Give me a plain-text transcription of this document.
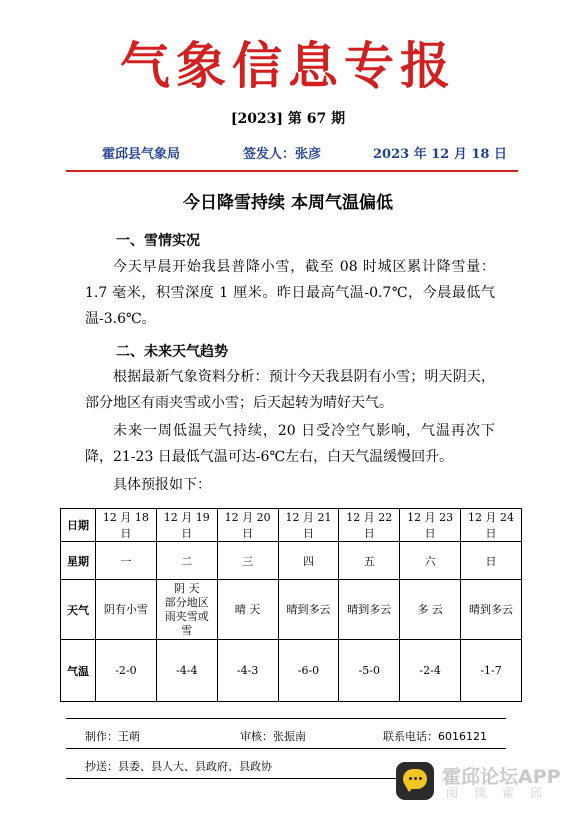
气象信息专报
[2023] 第 67 期
霍邱县气象局	签发人：张彦	2023 年 12 月 18 日
今日降雪持续 本周气温偏低
一、雪情实况
今天早晨开始我县普降小雪，截至 08 时城区累计降雪量：1.7 毫米，积雪深度 1 厘米。昨日最高气温-0.7℃，今晨最低气温-3.6℃。
二、未来天气趋势
根据最新气象资料分析：预计今天我县阴有小雪；明天阴天，部分地区有雨夹雪或小雪；后天起转为晴好天气。
未来一周低温天气持续，20 日受冷空气影响，气温再次下降，21-23 日最低气温可达-6℃左右，白天气温缓慢回升。
具体预报如下：
日期	12 月 18 日	12 月 19 日	12 月 20 日	12 月 21 日	12 月 22 日	12 月 23 日	12 月 24 日
星期	一	二	三	四	五	六	日
天气	阴有小雪	阴 天
部分地区
雨夹雪或
雪	晴 天	晴到多云	晴到多云	多 云	晴到多云

气温	-2-0	-4-4	-4-3	-6-0	-5-0	-2-4	-1-7
制作：王萌	审核：张振南	联系电话：6016121
抄送：县委、县人大、县政府、县政协	霍邱论坛APP
阅读霍邱
